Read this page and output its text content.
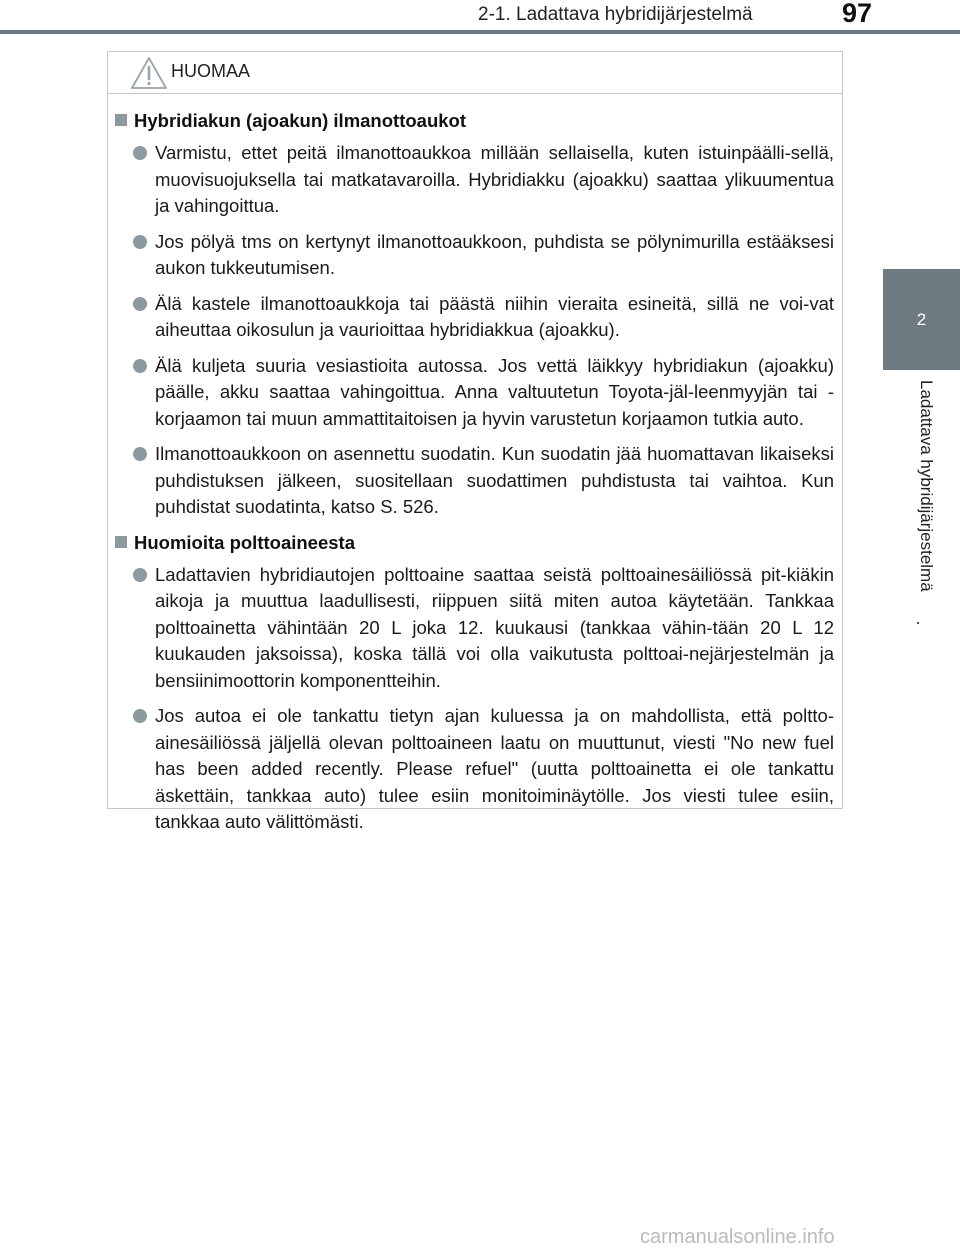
2-1. Ladattava hybridijärjestelmä	97
2
Ladattava hybridijärjestelmä
HUOMAA
Hybridiakun (ajoakun) ilmanottoaukot
Varmistu, ettet peitä ilmanottoaukkoa millään sellaisella, kuten istuinpäälli-sellä, muovisuojuksella tai matkatavaroilla. Hybridiakku (ajoakku) saattaa ylikuumentua ja vahingoittua.
Jos pölyä tms on kertynyt ilmanottoaukkoon, puhdista se pölynimurilla estääksesi aukon tukkeutumisen.
Älä kastele ilmanottoaukkoja tai päästä niihin vieraita esineitä, sillä ne voi-vat aiheuttaa oikosulun ja vaurioittaa hybridiakkua (ajoakku).
Älä kuljeta suuria vesiastioita autossa. Jos vettä läikkyy hybridiakun (ajoakku) päälle, akku saattaa vahingoittua. Anna valtuutetun Toyota-jäl-leenmyyjän tai -korjaamon tai muun ammattitaitoisen ja hyvin varustetun korjaamon tutkia auto.
Ilmanottoaukkoon on asennettu suodatin. Kun suodatin jää huomattavan likaiseksi puhdistuksen jälkeen, suositellaan suodattimen puhdistusta tai vaihtoa. Kun puhdistat suodatinta, katso S. 526.
Huomioita polttoaineesta
Ladattavien hybridiautojen polttoaine saattaa seistä polttoainesäiliössä pit-kiäkin aikoja ja muuttua laadullisesti, riippuen siitä miten autoa käytetään. Tankkaa polttoainetta vähintään 20 L joka 12. kuukausi (tankkaa vähin-tään 20 L 12 kuukauden jaksoissa), koska tällä voi olla vaikutusta polttoai-nejärjestelmän ja bensiinimoottorin komponentteihin.
Jos autoa ei ole tankattu tietyn ajan kuluessa ja on mahdollista, että poltto-ainesäiliössä jäljellä olevan polttoaineen laatu on muuttunut, viesti "No new fuel has been added recently. Please refuel" (uutta polttoainetta ei ole tankattu äskettäin, tankkaa auto) tulee esiin monitoiminäytölle. Jos viesti tulee esiin, tankkaa auto välittömästi.
carmanualsonline.info
